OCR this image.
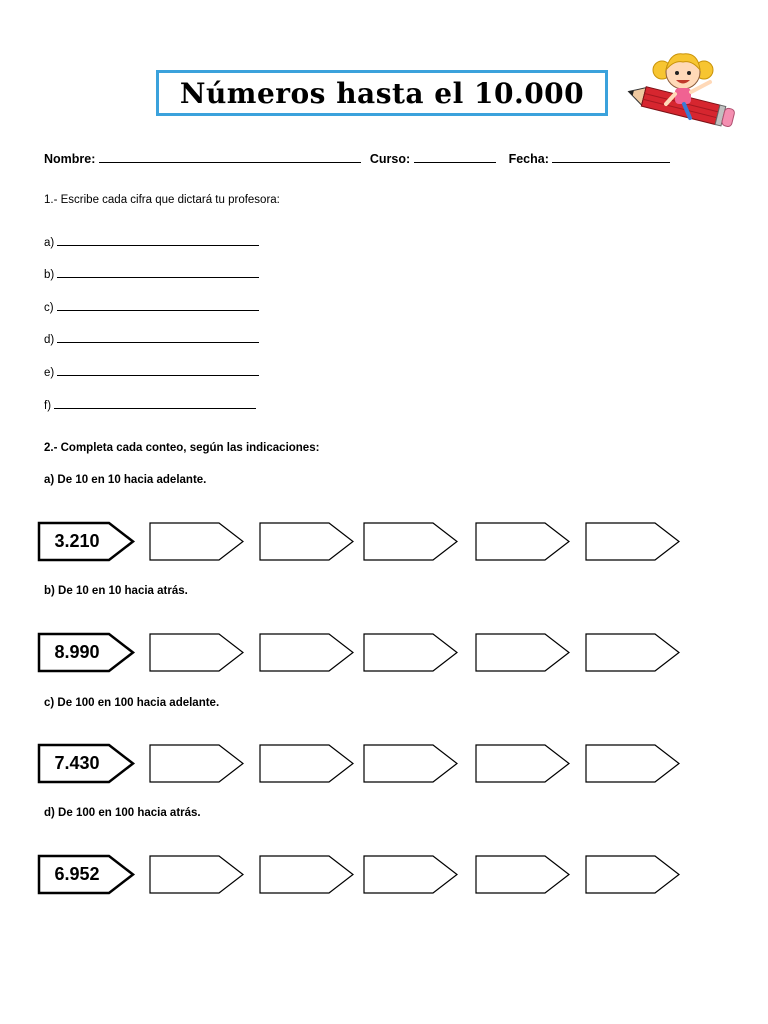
Números hasta el 10.000
Nombre:	Curso:	Fecha:
1.- Escribe cada cifra que dictará tu profesora:
a)
b)
c)
d)
e)
f)
2.- Completa cada conteo, según las indicaciones:
a) De 10 en 10 hacia adelante.
3.210
b) De 10 en 10 hacia atrás.
8.990
c) De 100 en 100 hacia adelante.
7.430
d) De 100 en 100 hacia atrás.
6.952
